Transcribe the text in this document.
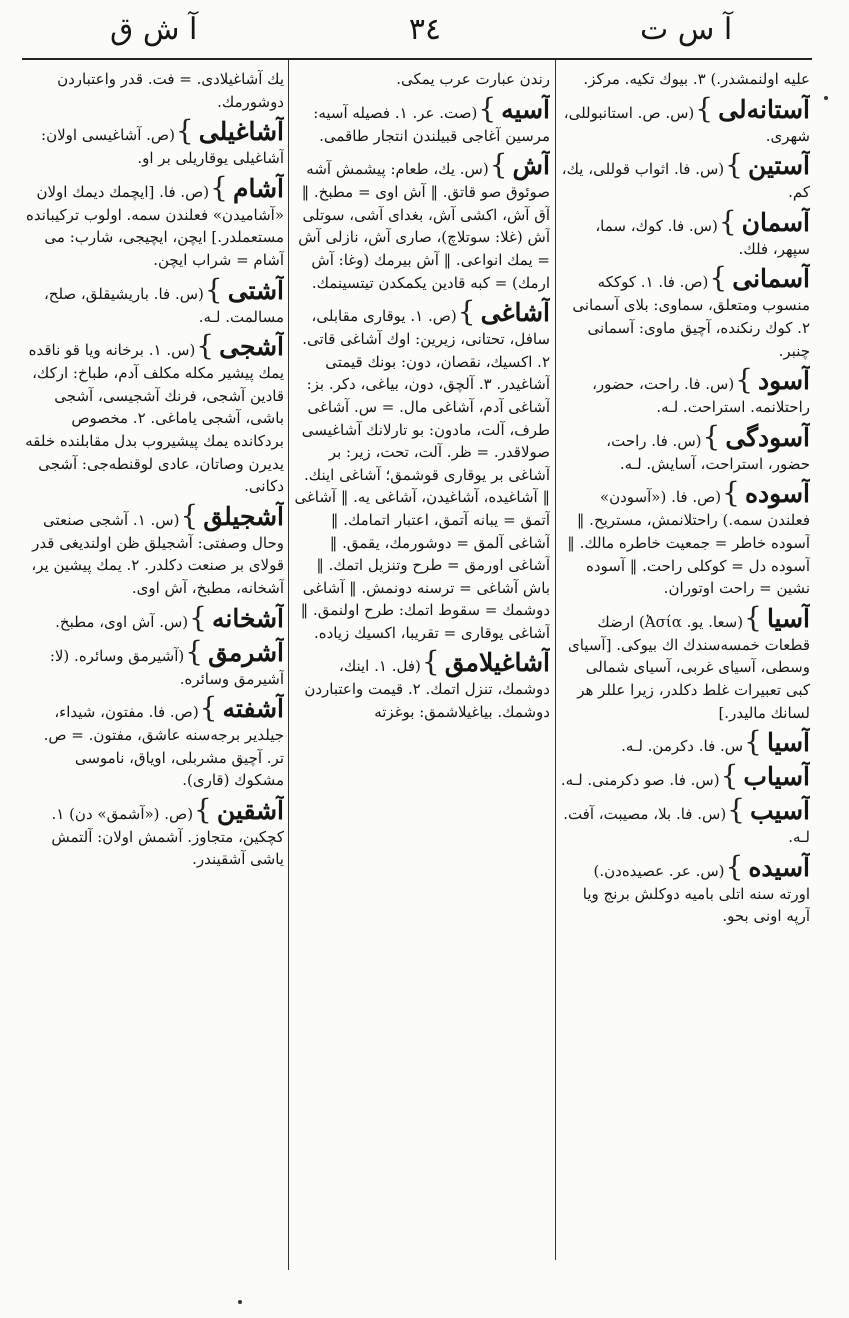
آ ش ق	٣٤	آ س ت

عليه اولنمشدر.) ٣. بيوك تكيه. مركز.

آستانه‌لى}(س. ص. استانبوللى، شهرى.

آستين}(س. فا. اثواب قوللى، يك، كم.

آسمان}(س. فا. كوك، سما، سپهر، فلك.

آسمانى}(ص. فا. ١. كوككه منسوب ومتعلق، سماوى: بلاى آسمانى ٢. كوك رنكنده، آچيق ماوى: آسمانى چنبر.

آسود}(س. فا. راحت، حضور، راحتلانمه. استراحت. لـه.

آسودگى}(س. فا. راحت، حضور، استراحت، آسايش. لـه.

آسوده}(ص. فا. («آسودن» فعلندن سمه.) راحتلانمش، مستريح. ‖ آسوده خاطر = جمعيت خاطره مالك. ‖ آسوده دل = كوكلى راحت. ‖ آسوده نشين = راحت اوتوران.

آسيا}(سعا. يو. Ἀσία) ارضك قطعات خمسه‌سندك اك بيوكى. [آسياى وسطى، آسياى غربى، آسياى شمالى كبى تعبيرات غلط دكلدر، زيرا عللر هر لسانك ماليدر.]

آسيا}س. فا. دكرمن. لـه.

آسياب}(س. فا. صو دكرمنى. لـه.

آسيب}(س. فا. بلا، مصيبت، آفت. لـه.

آسيده}(س. عر. عصيده‌دن.) اورته سنه اتلى باميه دوكلش برنج ويا آرپه اونى بحو.

رندن عبارت عرب يمكى.

آسيه}(صت. عر. ١. فصيله آسيه: مرسين آغاجى قبيلندن انتجار طاقمى.

آش}(س. يك، طعام: پيشمش آشه صوئوق صو قاتق. ‖ آش اوى = مطبخ. ‖ آق آش، اكشى آش، بغداى آشى، سوتلى آش (غلا: سوتلاچ)، صارى آش، نازلى آش = يمك انواعى. ‖ آش بيرمك (وغا: آش ارمك) = كبه قادين يكمكدن تيتسينمك.

آشاغى}(ص. ١. يوقارى مقابلى، سافل، تحتانى، زيرين: اوك آشاغى قاتى. ٢. اكسيك، نقصان، دون: بونك قيمتى آشاغيدر. ٣. آلچق، دون، بياغى، دكر. بز: آشاغى آدم، آشاغى مال. = س. آشاغى طرف، آلت، مادون: بو تارلانك آشاغيسى صولاقدر. = ظر. آلت، تحت، زير: بر آشاغى بر يوقارى قوشمق؛ آشاغى اينك. ‖ آشاغيده، آشاغيدن، آشاغى يه. ‖ آشاغى آتمق = يبانه آتمق، اعتبار اتمامك. ‖ آشاغى آلمق = دوشورمك، يقمق. ‖ آشاغى اورمق = طرح وتنزيل اتمك. ‖ باش آشاغى = ترسنه دونمش. ‖ آشاغى دوشمك = سقوط اتمك: طرح اولنمق. ‖ آشاغى يوقارى = تقريبا، اكسيك زياده.

آشاغيلامق}(فل. ١. اينك، دوشمك، تنزل اتمك. ٢. قيمت واعتباردن دوشمك. بياغيلاشمق: بوغزته

يك آشاغيلادى. = فت. قدر واعتباردن دوشورمك.

آشاغيلى}(ص. آشاغيسى اولان: آشاغيلى يوقاريلى بر او.

آشام}(ص. فا. [ايچمك ديمك اولان «آشاميدن» فعلندن سمه. اولوب تركيبانده مستعملدر.] ايچن، ايچيجى، شارب: مى آشام = شراب ايچن.

آشتى}(س. فا. باريشيقلق، صلح، مسالمت. لـه.

آشجى}(س. ١. برخانه ويا قو ناقده يمك پيشير مكله مكلف آدم، طباخ: اركك، قادين آشجى، فرنك آشجيسى، آشجى باشى، آشجى ياماغى. ٢. مخصوص بردكانده يمك پيشيروب بدل مقابلنده خلقه يديرن وصاتان، عادى لوقنطه‌جى: آشجى دكانى.

آشجيلق}(س. ١. آشجى صنعتى وحال وصفتى: آشجيلق ظن اولنديغى قدر قولاى بر صنعت دكلدر. ٢. يمك پيشين ير، آشخانه، مطبخ، آش اوى.

آشخانه}(س. آش اوى، مطبخ.

آشرمق}(آشيرمق وسائره. (لا: آشيرمق وسائره.

آشفته}(ص. فا. مفتون، شيداء، جيلدير برجه‌سنه عاشق، مفتون. = ص. تر. آچيق مشربلى، اوياق، ناموسى مشكوك (قارى).

آشقين}(ص. («آشمق» دن) ١. كچكين، متجاوز. آشمش اولان: آلتمش ياشى آشقيندر.
